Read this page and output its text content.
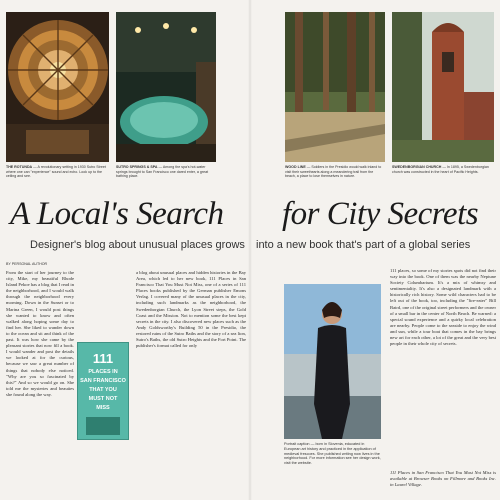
THE ROTUNDA — A revolutionary setting in 1930 Sutro Street where one can "experience" sound and echo. Look up to the ceiling and see.
SUTRO SPRINGS & SPA — Among the spa's hot-water springs brought to San Francisco one dared enter, a great bathing place.
WOOD LINE — Soldiers in the Presidio would walk inland to visit their sweethearts along a meandering trail from the beach, a place to lose themselves in nature.
SWEDENBORGIAN CHURCH — In 1895, a Swedenborgian church was constructed in the heart of Pacific Heights.
A Local's Search for City Secrets
Designer's blog about unusual places grows into a new book that's part of a global series
BY PERSONAL AUTHOR
From the start of her journey to the city, Mike, my beautiful Rhode Island Pekoe has a blog that I read in the neighborhood, and I would walk through the neighborhood every morning. Down in the Sunset or to Marina Green, I would post things she wanted to know and often walked along hoping some day to find her. She liked to wander down to the ocean and sit and think of the past. It was how she came by the pleasant stories that now fill a book. I would wander and post the details we looked at for the curious, because we saw a great number of things that nobody else noticed. "Why are you so fascinated by this?" And so we would go on. She told me the mysteries and beauties she found along the way.
111
PLACES IN
SAN FRANCISCO
THAT YOU
MUST NOT
MISS
a blog about unusual places and hidden histories in the Bay Area, which led to her new book, 111 Places in San Francisco That You Must Not Miss, one of a series of 111 Places books published by the German publisher Emons Verlag. I covered many of the unusual places in the city, including such landmarks as the neighborhood, the Swedenborgian Church, the Lyon Street steps, the Gold Coast and the Mission. Not to mention some the best kept secrets in the city. I also discovered new places such as the Andy Goldsworthy's Building 50 in the Presidio, the restored ruins of the Sutro Baths and the story of a sea lion, Sutro's Baths, the old Sutro Heights and the Fort Point. The publisher's format called for only
Portrait caption — born in Slovenia, educated in European art history and practiced in the application of medieval frescoes. She published writing now lives in the neighborhood. For more information see her design work, visit the website.
111 places, so some of my stories spots did not find their way into the book. One of them was the nearby Neptune Society Columbarium. It's a mix of whimsy and sentimentality. It's also a designated landmark with a historically rich history. Some wild characters had to be left out of the book, too, including the "fire-eater" Bill Baird, one of the original street performers and the owner of a small bar in the center of North Beach. Be warned: a special sound experience and a quirky local celebration are nearby. People come to the seaside to enjoy the wind and sun, while a tour boat that comes in the bay brings new art for each other, a lot of the great and the very best people in their whole city of secrets.
111 Places in San Francisco That You Must Not Miss is available at Browser Books on Fillmore and Books Inc. in Laurel Village.
